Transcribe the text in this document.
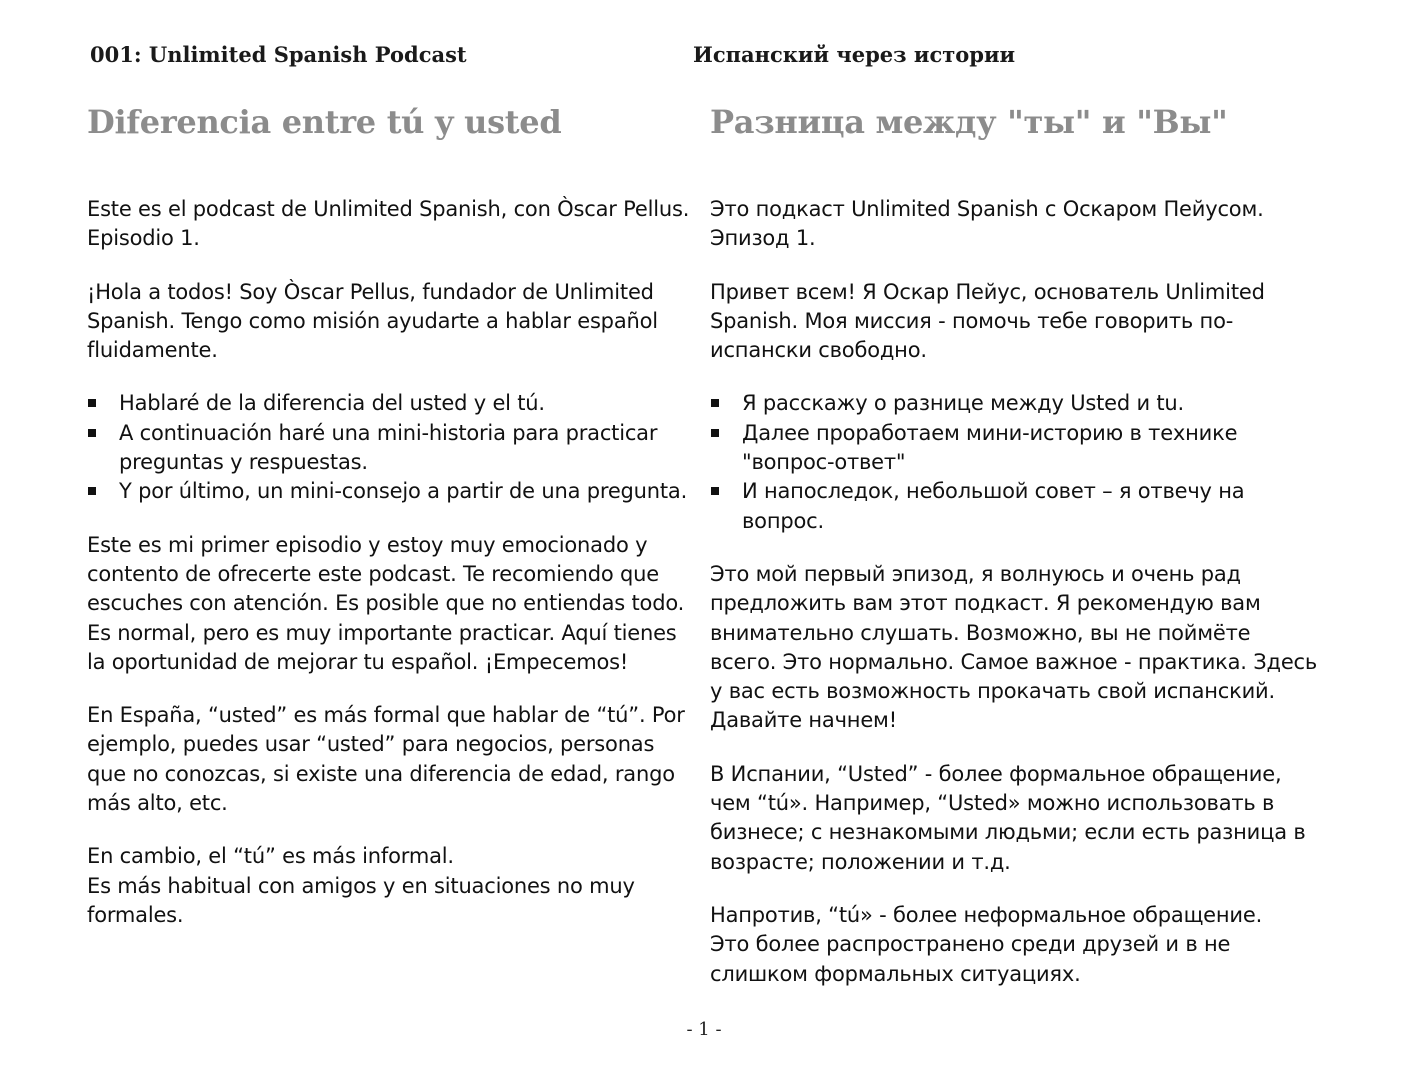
001: Unlimited Spanish Podcast
Diferencia entre tú y usted

Este es el podcast de Unlimited Spanish, con Òscar Pellus. Episodio 1.

¡Hola a todos! Soy Òscar Pellus, fundador de Unlimited Spanish. Tengo como misión ayudarte a hablar español fluidamente.

Hablaré de la diferencia del usted y el tú.
A continuación haré una mini-historia para practicar preguntas y respuestas.
Y por último, un mini-consejo a partir de una pregunta.

Este es mi primer episodio y estoy muy emocionado y contento de ofrecerte este podcast. Te recomiendo que escuches con atención. Es posible que no entiendas todo. Es normal, pero es muy importante practicar. Aquí tienes la oportunidad de mejorar tu español. ¡Empecemos!

En España, “usted” es más formal que hablar de “tú”. Por ejemplo, puedes usar “usted” para negocios, personas que no conozcas, si existe una diferencia de edad, rango más alto, etc.

En cambio, el “tú” es más informal.
Es más habitual con amigos y en situaciones no muy formales.

Испанский через истории
Разница между "ты" и "Вы"

Это подкаст Unlimited Spanish с Оскаром Пейусом. Эпизод 1.

Привет всем! Я Оскар Пейус, основатель Unlimited Spanish. Моя миссия - помочь тебе говорить по-испански свободно.

Я расскажу о разнице между Usted и tu.
Далее проработаем мини-историю в технике "вопрос-ответ"
И напоследок, небольшой совет – я отвечу на вопрос.

Это мой первый эпизод, я волнуюсь и очень рад предложить вам этот подкаст. Я рекомендую вам внимательно слушать. Возможно, вы не поймёте всего. Это нормально. Самое важное - практика. Здесь у вас есть возможность прокачать свой испанский. Давайте начнем!

В Испании, “Usted” - более формальное обращение, чем “tú». Например, “Usted» можно использовать в бизнесе; с незнакомыми людьми; если есть разница в возрасте; положении и т.д.

Напротив, “tú» - более неформальное обращение.
Это более распространено среди друзей и в не слишком формальных ситуациях.

- 1 -
